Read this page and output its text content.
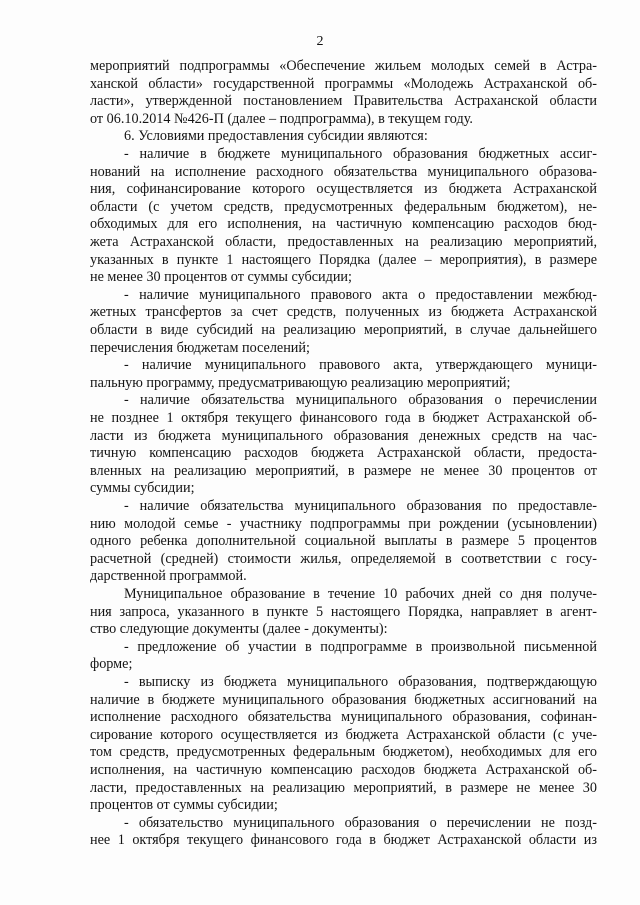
2
мероприятий подпрограммы «Обеспечение жильем молодых семей в Астра-
ханской области» государственной программы «Молодежь Астраханской об-
ласти», утвержденной постановлением Правительства Астраханской области
от 06.10.2014 №426-П (далее – подпрограмма), в текущем году.
6. Условиями предоставления субсидии являются:
- наличие в бюджете муниципального образования бюджетных ассиг-
нований на исполнение расходного обязательства муниципального образова-
ния, софинансирование которого осуществляется из бюджета Астраханской
области (с учетом средств, предусмотренных федеральным бюджетом), не-
обходимых для его исполнения, на частичную компенсацию расходов бюд-
жета Астраханской области, предоставленных на реализацию мероприятий,
указанных в пункте 1 настоящего Порядка (далее – мероприятия), в размере
не менее 30 процентов от суммы субсидии;
- наличие муниципального правового акта о предоставлении межбюд-
жетных трансфертов за счет средств, полученных из бюджета Астраханской
области в виде субсидий на реализацию мероприятий, в случае дальнейшего
перечисления бюджетам поселений;
- наличие муниципального правового акта, утверждающего муници-
пальную программу, предусматривающую реализацию мероприятий;
- наличие обязательства муниципального образования о перечислении
не позднее 1 октября текущего финансового года в бюджет Астраханской об-
ласти из бюджета муниципального образования денежных средств на час-
тичную компенсацию расходов бюджета Астраханской области, предоста-
вленных на реализацию мероприятий, в размере не менее 30 процентов от
суммы субсидии;
- наличие обязательства муниципального образования по предоставле-
нию молодой семье - участнику подпрограммы при рождении (усыновлении)
одного ребенка дополнительной социальной выплаты в размере 5 процентов
расчетной (средней) стоимости жилья, определяемой в соответствии с госу-
дарственной программой.
Муниципальное образование в течение 10 рабочих дней со дня получе-
ния запроса, указанного в пункте 5 настоящего Порядка, направляет в агент-
ство следующие документы (далее - документы):
- предложение об участии в подпрограмме в произвольной письменной
форме;
- выписку из бюджета муниципального образования, подтверждающую
наличие в бюджете муниципального образования бюджетных ассигнований на
исполнение расходного обязательства муниципального образования, софинан-
сирование которого осуществляется из бюджета Астраханской области (с уче-
том средств, предусмотренных федеральным бюджетом), необходимых для его
исполнения, на частичную компенсацию расходов бюджета Астраханской об-
ласти, предоставленных на реализацию мероприятий, в размере не менее 30
процентов от суммы субсидии;
- обязательство муниципального образования о перечислении не позд-
нее 1 октября текущего финансового года в бюджет Астраханской области из
